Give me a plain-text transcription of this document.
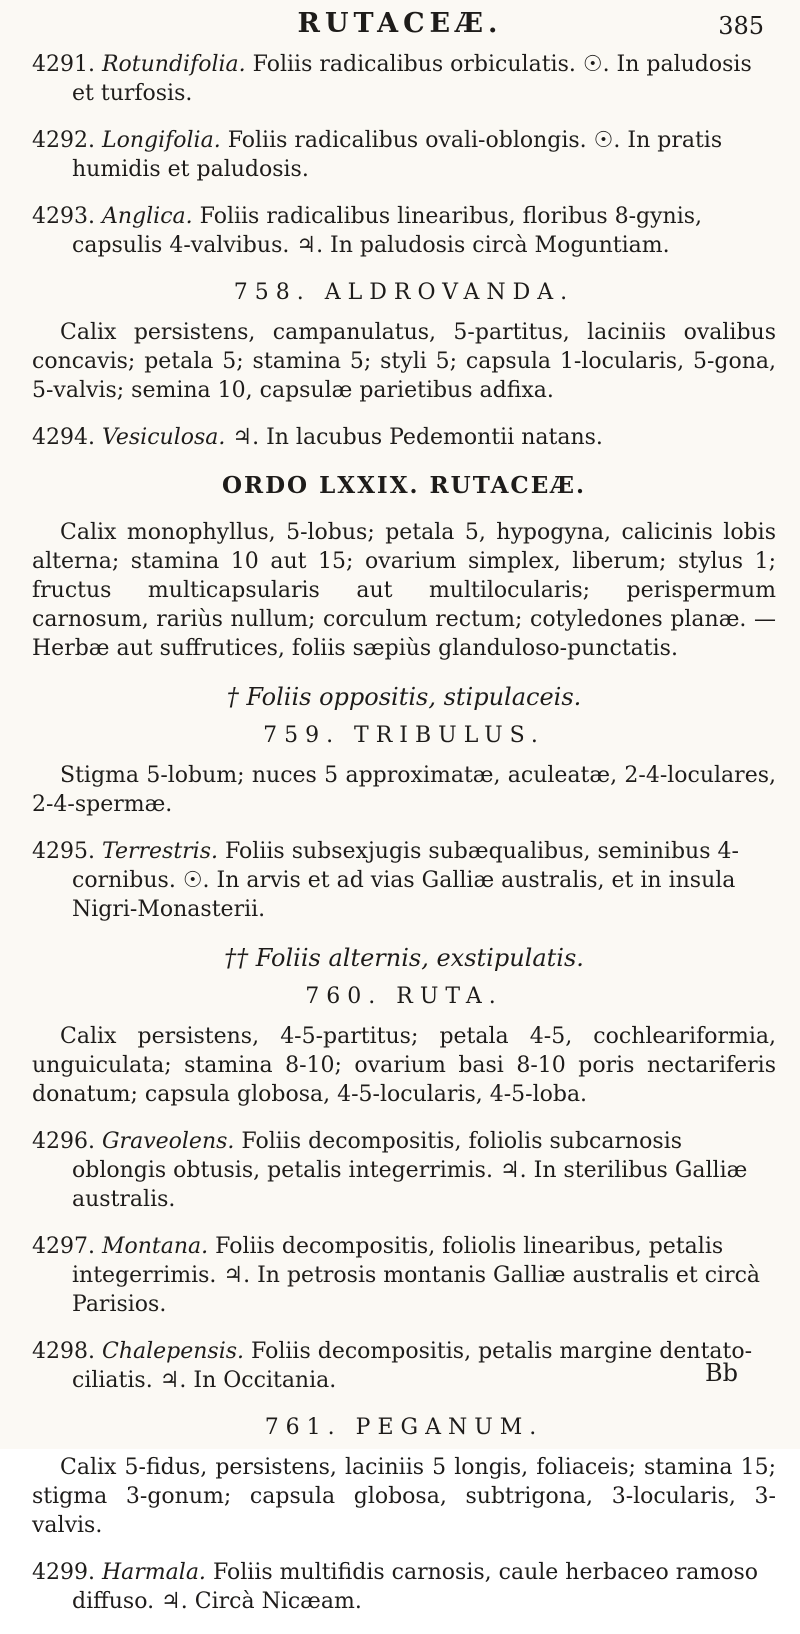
RUTACEÆ.	385
4291. Rotundifolia. Foliis radicalibus orbiculatis. ☉. In paludosis et turfosis.
4292. Longifolia. Foliis radicalibus ovali-oblongis. ☉. In pratis humidis et paludosis.
4293. Anglica. Foliis radicalibus linearibus, floribus 8-gynis, capsulis 4-valvibus. ♃. In paludosis circà Moguntiam.
758. ALDROVANDA.
Calix persistens, campanulatus, 5-partitus, laciniis ovalibus concavis; petala 5; stamina 5; styli 5; capsula 1-locularis, 5-gona, 5-valvis; semina 10, capsulæ parietibus adfixa.
4294. Vesiculosa. ♃. In lacubus Pedemontii natans.
ORDO LXXIX. RUTACEÆ.
Calix monophyllus, 5-lobus; petala 5, hypogyna, calicinis lobis alterna; stamina 10 aut 15; ovarium simplex, liberum; stylus 1; fructus multicapsularis aut multilocularis; perispermum carnosum, rariùs nullum; corculum rectum; cotyledones planæ. — Herbæ aut suffrutices, foliis sæpiùs glanduloso-punctatis.
† Foliis oppositis, stipulaceis.
759. TRIBULUS.
Stigma 5-lobum; nuces 5 approximatæ, aculeatæ, 2-4-loculares, 2-4-spermæ.
4295. Terrestris. Foliis subsexjugis subæqualibus, seminibus 4-cornibus. ☉. In arvis et ad vias Galliæ australis, et in insula Nigri-Monasterii.
†† Foliis alternis, exstipulatis.
760. RUTA.
Calix persistens, 4-5-partitus; petala 4-5, cochleariformia, unguiculata; stamina 8-10; ovarium basi 8-10 poris nectariferis donatum; capsula globosa, 4-5-locularis, 4-5-loba.
4296. Graveolens. Foliis decompositis, foliolis subcarnosis oblongis obtusis, petalis integerrimis. ♃. In sterilibus Galliæ australis.
4297. Montana. Foliis decompositis, foliolis linearibus, petalis integerrimis. ♃. In petrosis montanis Galliæ australis et circà Parisios.
4298. Chalepensis. Foliis decompositis, petalis margine dentato-ciliatis. ♃. In Occitania.
761. PEGANUM.
Calix 5-fidus, persistens, laciniis 5 longis, foliaceis; stamina 15; stigma 3-gonum; capsula globosa, subtrigona, 3-locularis, 3-valvis.
4299. Harmala. Foliis multifidis carnosis, caule herbaceo ramoso diffuso. ♃. Circà Nicæam.
Bb
